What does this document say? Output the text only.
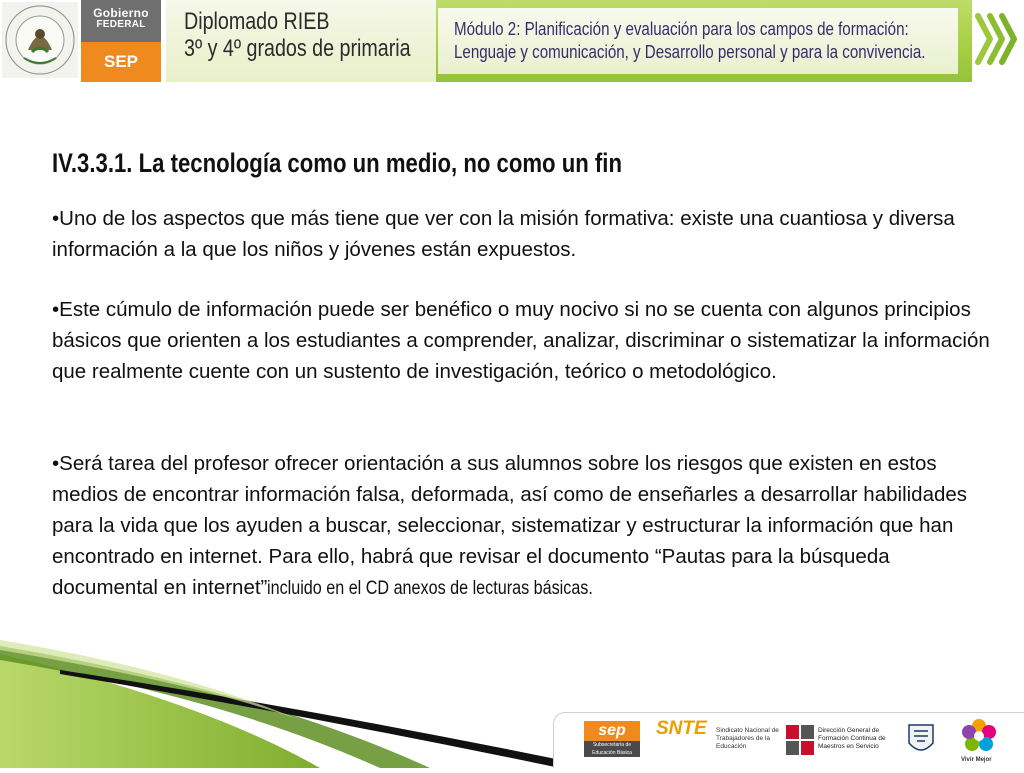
Gobierno
FEDERAL
SEP
Diplomado RIEB
3º y 4º grados de primaria
Módulo 2: Planificación y evaluación para los campos de formación:
Lenguaje y comunicación, y Desarrollo personal y para la convivencia.
IV.3.3.1. La tecnología como un medio, no como un fin
•Uno de los aspectos que más tiene que ver con la misión formativa: existe una cuantiosa y diversa información a la que los niños y jóvenes están expuestos.
•Este cúmulo de información puede ser benéfico o muy nocivo si no se cuenta con algunos principios básicos que orienten a los estudiantes a comprender, analizar, discriminar o sistematizar la información que realmente cuente con un sustento de investigación, teórico o metodológico.
•Será tarea del profesor ofrecer orientación a sus alumnos sobre los riesgos que existen en estos medios de encontrar información falsa, deformada, así como de enseñarles a desarrollar habilidades para la vida que los ayuden a buscar, seleccionar, sistematizar y estructurar la información que han encontrado en internet. Para ello, habrá que revisar el documento “Pautas para la búsqueda documental en internet”incluido en el CD anexos de lecturas básicas.
sep
Subsecretaría de Educación Básica
SNTE Sindicato Nacional de Trabajadores de la Educación
Dirección General de Formación Continua de Maestros en Servicio
Vivir Mejor
